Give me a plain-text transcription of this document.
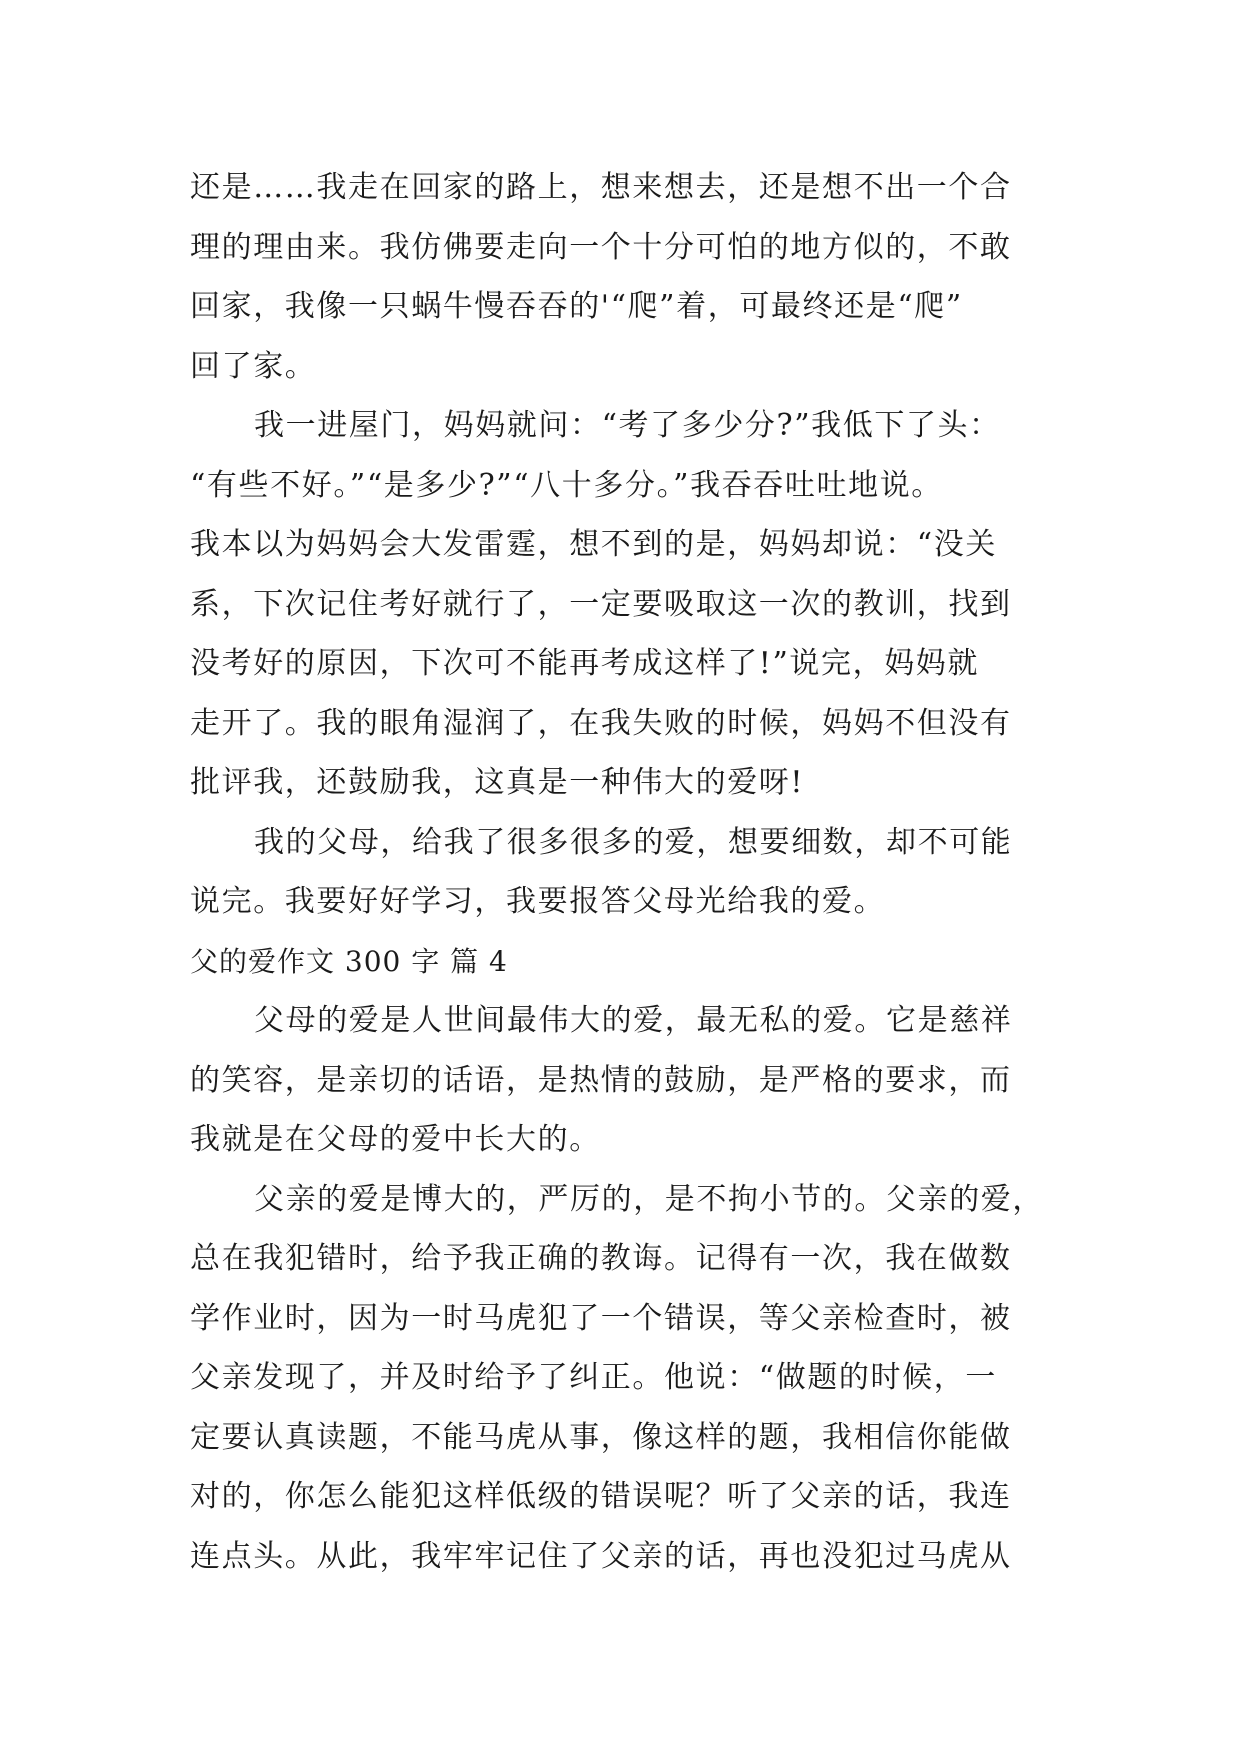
还是……我走在回家的路上，想来想去，还是想不出一个合
理的理由来。我仿佛要走向一个十分可怕的地方似的，不敢
回家，我像一只蜗牛慢吞吞的'“爬”着，可最终还是“爬”
回了家。
我一进屋门，妈妈就问：“考了多少分?”我低下了头：
“有些不好。”“是多少?”“八十多分。”我吞吞吐吐地说。
我本以为妈妈会大发雷霆，想不到的是，妈妈却说：“没关
系，下次记住考好就行了，一定要吸取这一次的教训，找到
没考好的原因，下次可不能再考成这样了!”说完，妈妈就
走开了。我的眼角湿润了，在我失败的时候，妈妈不但没有
批评我，还鼓励我，这真是一种伟大的爱呀!
我的父母，给我了很多很多的爱，想要细数，却不可能
说完。我要好好学习，我要报答父母光给我的爱。
父的爱作文 300 字 篇 4
父母的爱是人世间最伟大的爱，最无私的爱。它是慈祥
的笑容，是亲切的话语，是热情的鼓励，是严格的要求，而
我就是在父母的爱中长大的。
父亲的爱是博大的，严厉的，是不拘小节的。父亲的爱，
总在我犯错时，给予我正确的教诲。记得有一次，我在做数
学作业时，因为一时马虎犯了一个错误，等父亲检查时，被
父亲发现了，并及时给予了纠正。他说：“做题的时候，一
定要认真读题，不能马虎从事，像这样的题，我相信你能做
对的，你怎么能犯这样低级的错误呢？听了父亲的话，我连
连点头。从此，我牢牢记住了父亲的话，再也没犯过马虎从
